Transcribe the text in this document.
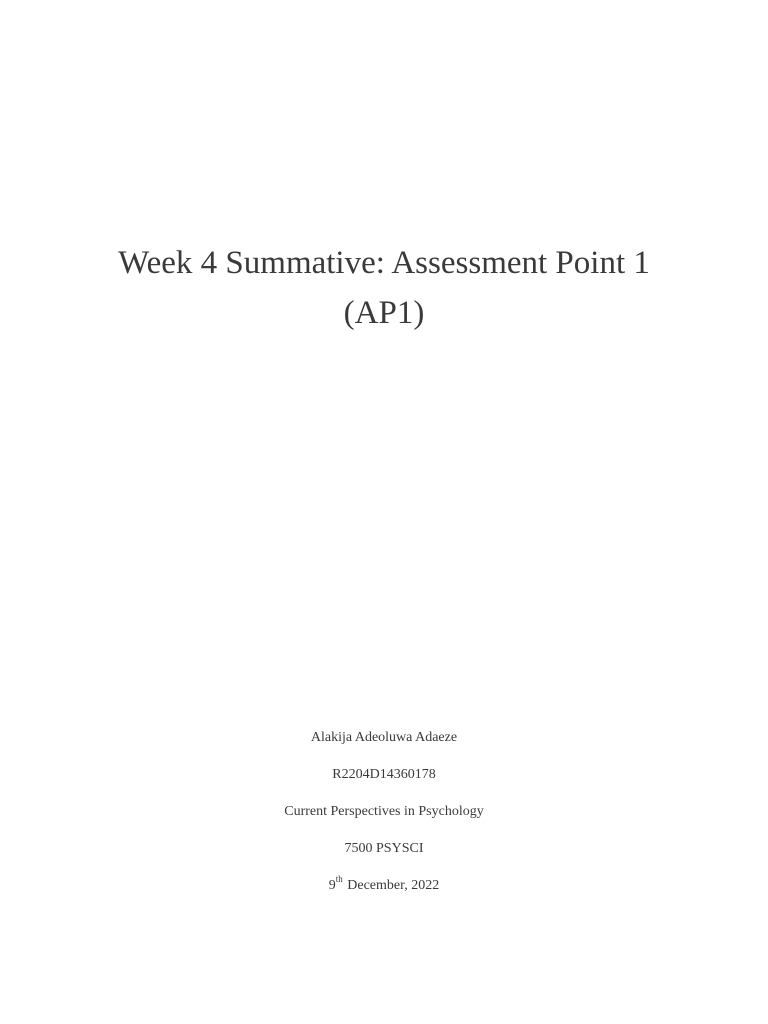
Week 4 Summative: Assessment Point 1
(AP1)

Alakija Adeoluwa Adaeze

R2204D14360178

Current Perspectives in Psychology

7500 PSYSCI

9th December, 2022
